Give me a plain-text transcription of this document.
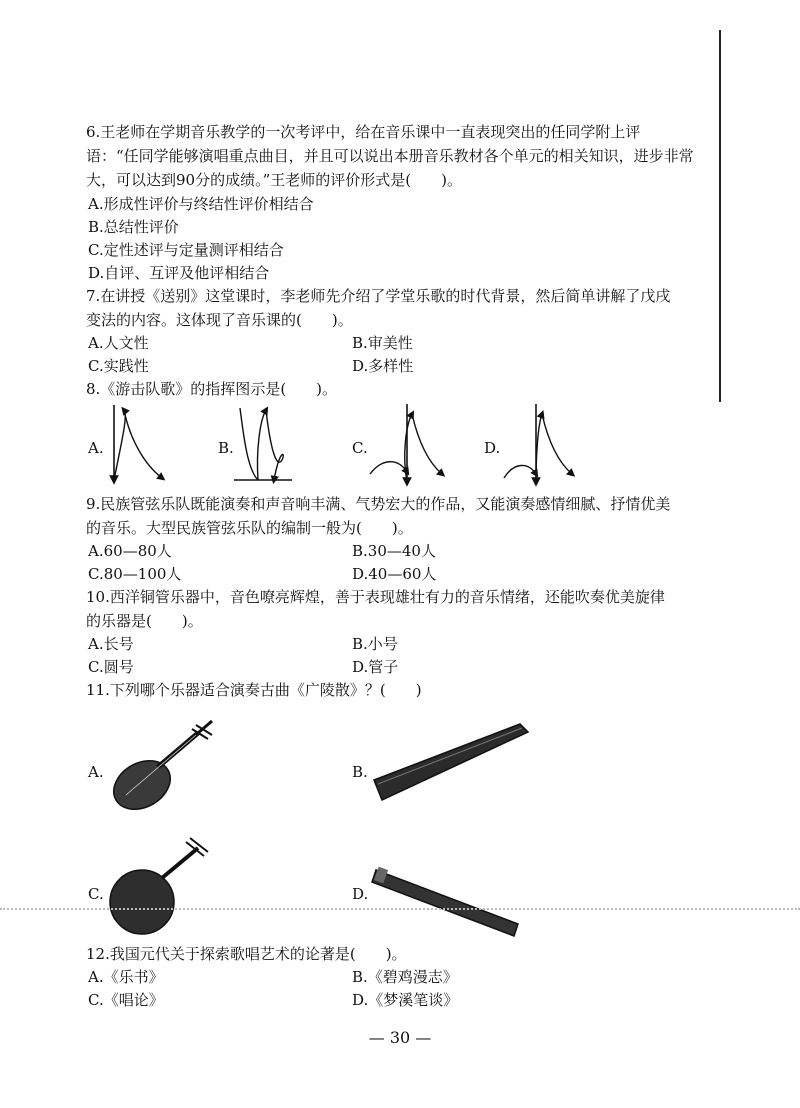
6.王老师在学期音乐教学的一次考评中，给在音乐课中一直表现突出的任同学附上评
语：“任同学能够演唱重点曲目，并且可以说出本册音乐教材各个单元的相关知识，进步非常
大，可以达到90分的成绩。”王老师的评价形式是(　　)。
A.形成性评价与终结性评价相结合
B.总结性评价
C.定性述评与定量测评相结合
D.自评、互评及他评相结合
7.在讲授《送别》这堂课时，李老师先介绍了学堂乐歌的时代背景，然后简单讲解了戊戌
变法的内容。这体现了音乐课的(　　)。
A.人文性	B.审美性
C.实践性	D.多样性
8.《游击队歌》的指挥图示是(　　)。
A.	B.	C.	D.
9.民族管弦乐队既能演奏和声音响丰满、气势宏大的作品，又能演奏感情细腻、抒情优美
的音乐。大型民族管弦乐队的编制一般为(　　)。
A.60—80人	B.30—40人
C.80—100人	D.40—60人
10.西洋铜管乐器中，音色嘹亮辉煌，善于表现雄壮有力的音乐情绪，还能吹奏优美旋律
的乐器是(　　)。
A.长号	B.小号
C.圆号	D.管子
11.下列哪个乐器适合演奏古曲《广陵散》？(　　)
A.	B.
C.	D.
12.我国元代关于探索歌唱艺术的论著是(　　)。
A.《乐书》	B.《碧鸡漫志》
C.《唱论》	D.《梦溪笔谈》
— 30 —
